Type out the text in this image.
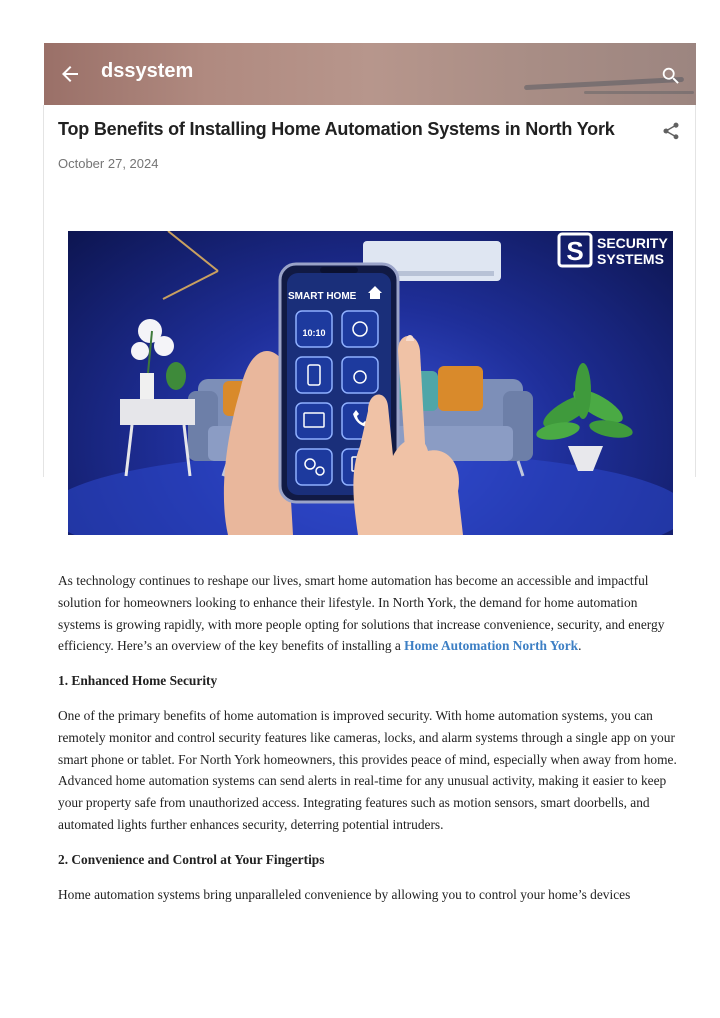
dssystem
Top Benefits of Installing Home Automation Systems in North York
October 27, 2024
S SECURITY
SYSTEMS
SMART HOME
10:10

As technology continues to reshape our lives, smart home automation has become an accessible and impactful solution for homeowners looking to enhance their lifestyle. In North York, the demand for home automation systems is growing rapidly, with more people opting for solutions that increase convenience, security, and energy efficiency. Here’s an overview of the key benefits of installing a Home Automation North York.

1. Enhanced Home Security

One of the primary benefits of home automation is improved security. With home automation systems, you can remotely monitor and control security features like cameras, locks, and alarm systems through a single app on your smart phone or tablet. For North York homeowners, this provides peace of mind, especially when away from home. Advanced home automation systems can send alerts in real-time for any unusual activity, making it easier to keep your property safe from unauthorized access. Integrating features such as motion sensors, smart doorbells, and automated lights further enhances security, deterring potential intruders.

2. Convenience and Control at Your Fingertips

Home automation systems bring unparalleled convenience by allowing you to control your home’s devices
